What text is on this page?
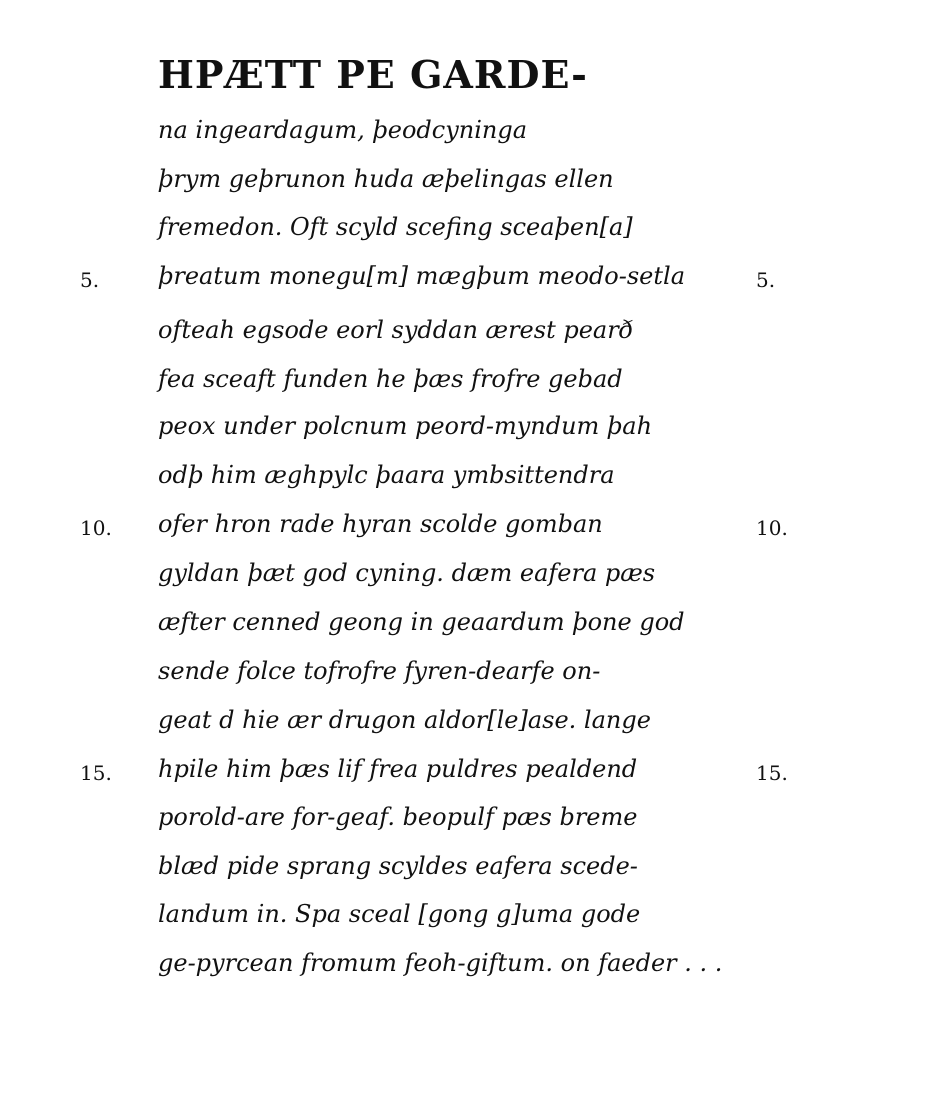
HPÆTT PE GARDE-
na ingeardagum, þeodcyninga
þrym geþrunon huda æþelingas ellen
fremedon. Oft scyld scefing sceaþen[a]
5. þreatum monegu[m] mægþum meodo-setla	5.
ofteah egsode eorl syddan ærest pearð
fea sceaft funden he þæs frofre gebad
peox under polcnum peord-myndum þah
odþ him æghpylc þaara ymbsittendra
10. ofer hron rade hyran scolde gomban	10.
gyldan þæt god cyning. dæm eafera pæs
æfter cenned geong in geaardum þone god
sende folce tofrofre fyren-dearfe on-
geat d hie ær drugon aldor[le]ase. lange
15. hpile him þæs lif frea puldres pealdend	15.
porold-are for-geaf. beopulf pæs breme
blæd pide sprang scyldes eafera scede-
landum in. Spa sceal [gong g]uma gode
ge-pyrcean fromum feoh-giftum. on faeder . . .
